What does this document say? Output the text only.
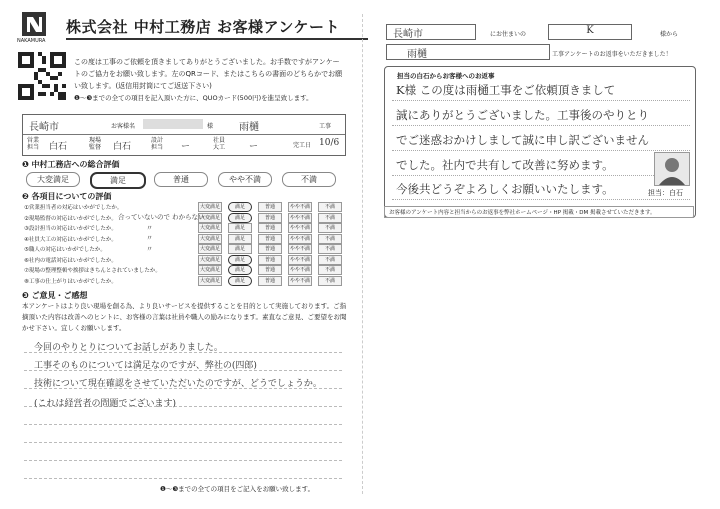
NAKAMURA
株式会社 中村工務店 お客様アンケート
この度は工事のご依頼を頂きましてありがとうございました。お手数ですがアンケートのご協力をお願い致します。左のQRコード、またはこちらの書面のどちらかでお願い致します。(返信用封筒にてご返送下さい)
❶〜❸までの全ての項目を記入頂いた方に、QUOカード(500円)を進呈致します。
長崎市	お客様名	様	雨樋	工事
営業担当	白石
現場監督	白石
設計担当	ー
社員大工	ー	完工日 10/6
❶ 中村工務店への総合評価
大変満足	満足	普通	やや不満	不満
❷ 各項目についての評価
①営業担当者の対応はいかがでしたか。	大変満足	満足	普通	やや不満	不満
②現場監督の対応はいかがでしたか。	大変満足	満足	普通	やや不満	不満
③設計担当の対応はいかがでしたか。	大変満足	満足	普通	やや不満	不満
④社員大工の対応はいかがでしたか。	大変満足	満足	普通	やや不満	不満
⑤職人の対応はいかがでしたか。	大変満足	満足	普通	やや不満	不満
⑥社内の電話対応はいかがでしたか。	大変満足	満足	普通	やや不満	不満
⑦現場の整理整頓や挨拶はきちんとされていましたか。	大変満足	満足	普通	やや不満	不満
⑧工事の仕上がりはいかがでしたか。	大変満足	満足	普通	やや不満	不満
合っていないので わからない
〃
〃
〃
❸ ご意見・ご感想
本アンケートはより良い現場を創る為、より良いサービスを提供することを目的として実施しております。ご指摘頂いた内容は改善へのヒントに、お客様の言葉は社員や職人の励みになります。素直なご意見、ご要望をお聞かせ下さい。宜しくお願いします。
今回のやりとりについてお話しがありました。
工事そのものについては満足なのですが、弊社の(四郎)
技術について現在確認をさせていただいたのですが、どうでしょうか。
(これは経営者の問題でございます)
❶〜❸までの全ての項目をご記入をお願い致します。
長崎市	にお住まいの	K	様から
雨樋	工事アンケートのお返事をいただきました！
担当の白石からお客様へのお返事
K様 この度は雨樋工事をご依頼頂きまして
誠にありがとうございました。工事後のやりとり
でご迷惑おかけしまして誠に申し訳ございません
でした。社内で共有して改善に努めます。
今後共どうぞよろしくお願いいたします。	担当：白石
お客様のアンケート内容と担当からのお返事を弊社ホームページ・HP 掲載・DM 掲載させていただきます。
